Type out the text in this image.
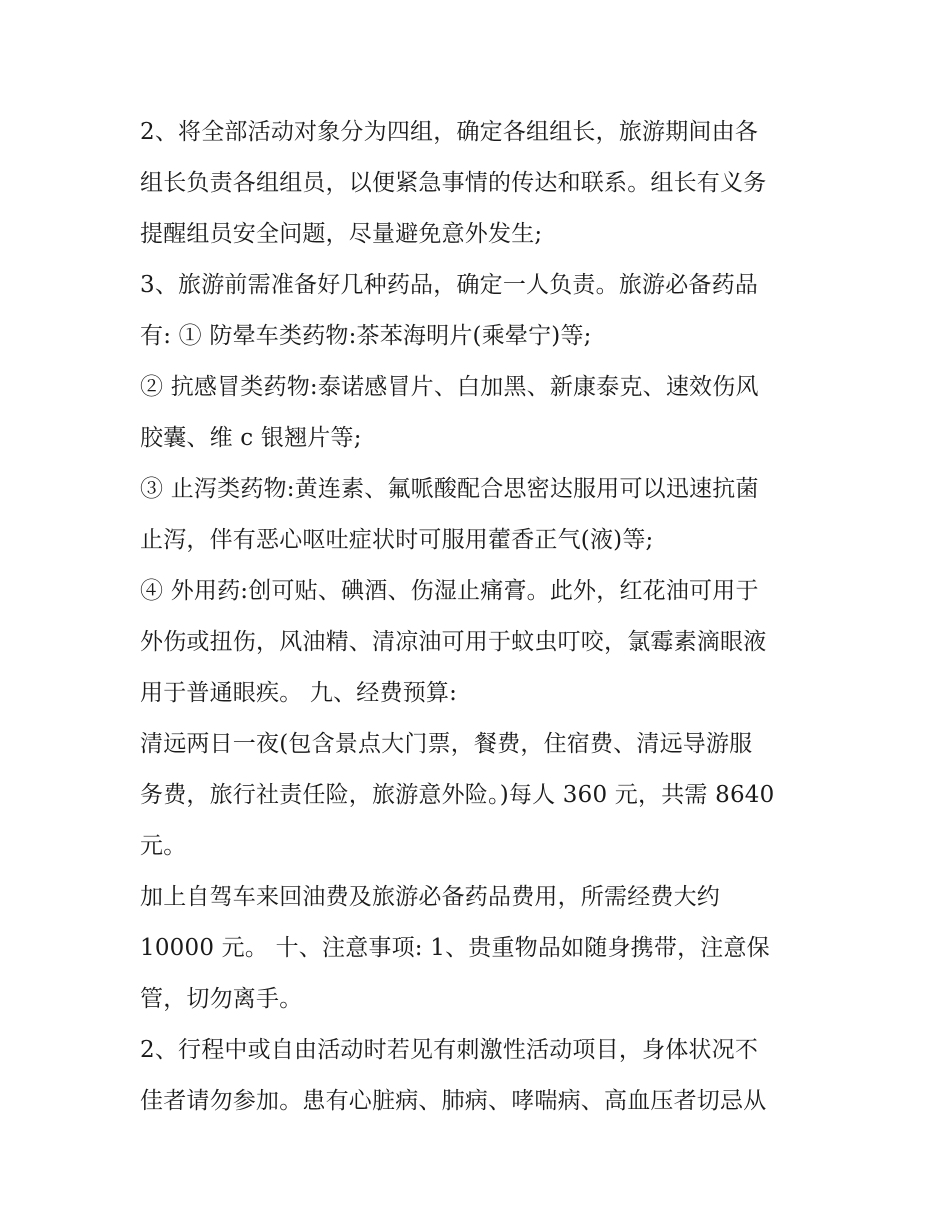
2、将全部活动对象分为四组，确定各组组长，旅游期间由各
组长负责各组组员，以便紧急事情的传达和联系。组长有义务
提醒组员安全问题，尽量避免意外发生;
3、旅游前需准备好几种药品，确定一人负责。旅游必备药品
有: ① 防晕车类药物:茶苯海明片(乘晕宁)等;
② 抗感冒类药物:泰诺感冒片、白加黑、新康泰克、速效伤风
胶囊、维 c 银翘片等;
③ 止泻类药物:黄连素、氟哌酸配合思密达服用可以迅速抗菌
止泻，伴有恶心呕吐症状时可服用藿香正气(液)等;
④ 外用药:创可贴、碘酒、伤湿止痛膏。此外，红花油可用于
外伤或扭伤，风油精、清凉油可用于蚊虫叮咬，氯霉素滴眼液
用于普通眼疾。 九、经费预算:
清远两日一夜(包含景点大门票，餐费，住宿费、清远导游服
务费，旅行社责任险，旅游意外险。)每人 360 元，共需 8640
元。
加上自驾车来回油费及旅游必备药品费用，所需经费大约
10000 元。 十、注意事项: 1、贵重物品如随身携带，注意保
管，切勿离手。
2、行程中或自由活动时若见有刺激性活动项目，身体状况不
佳者请勿参加。患有心脏病、肺病、哮喘病、高血压者切忌从
